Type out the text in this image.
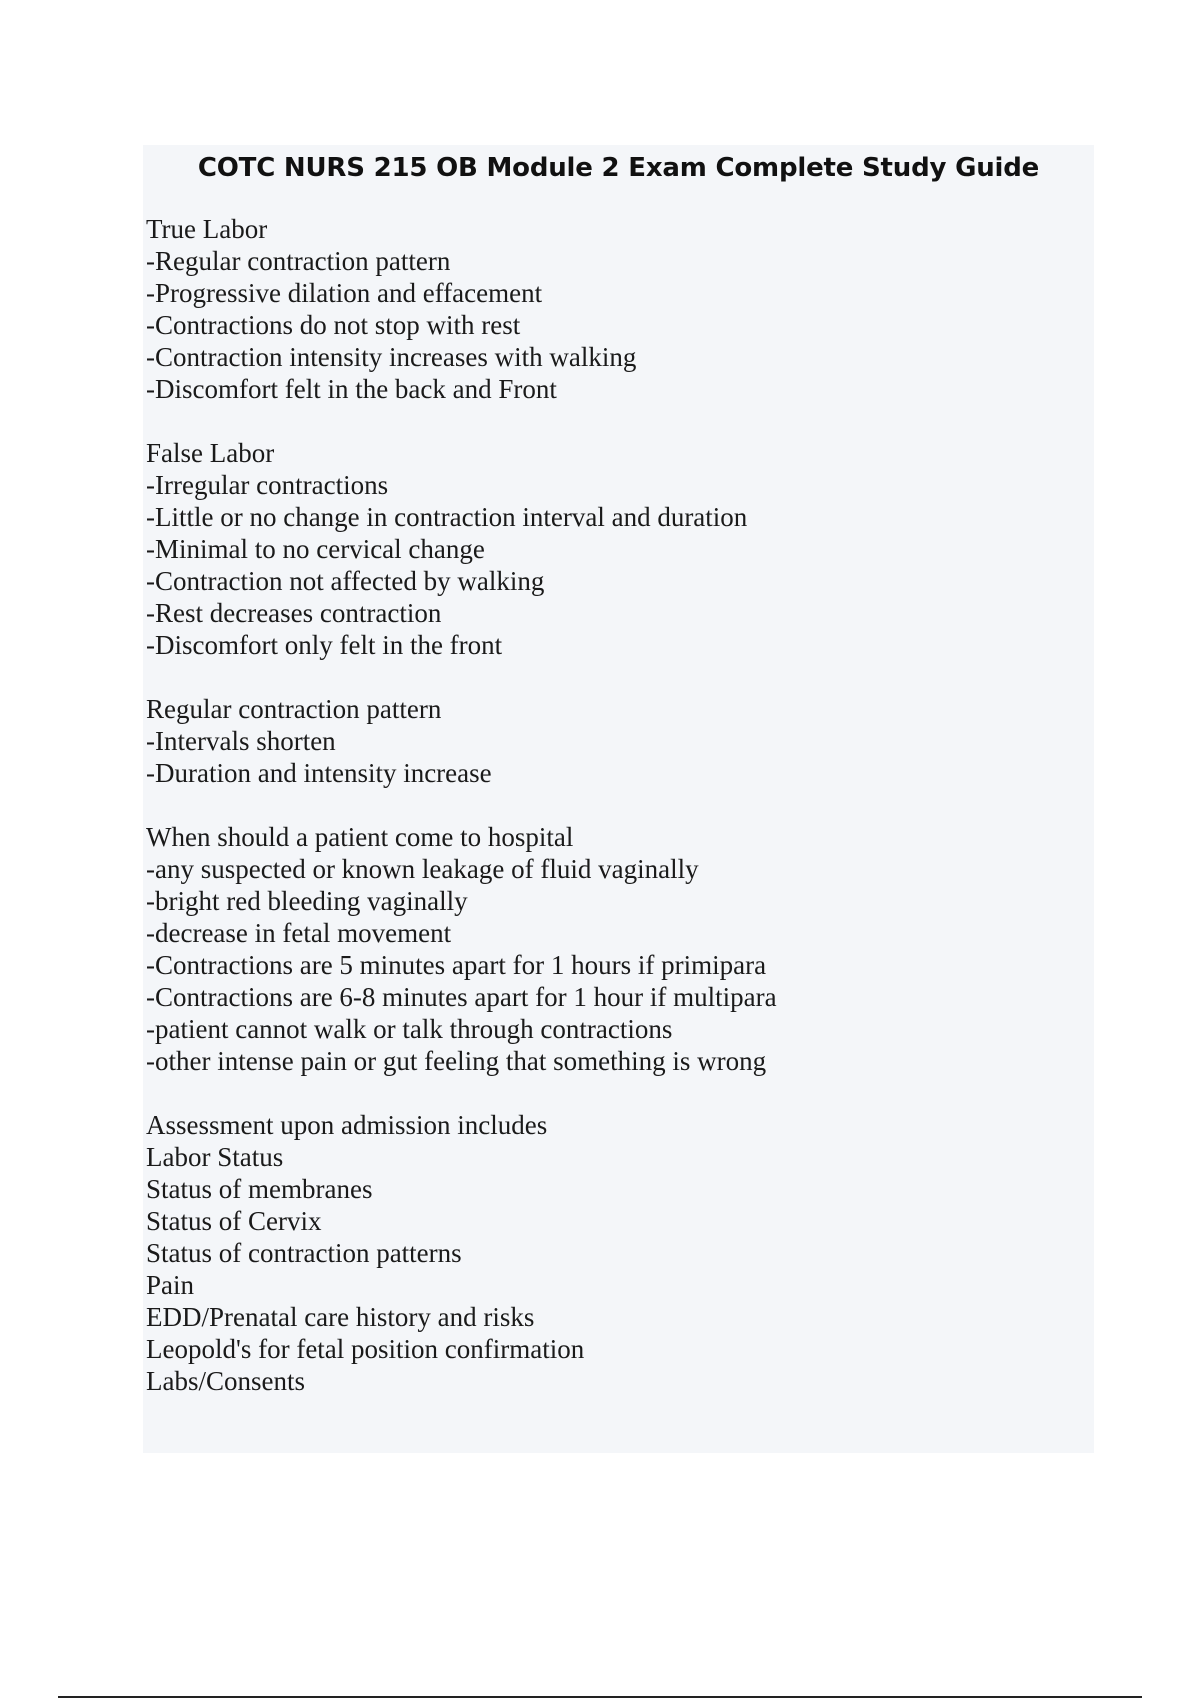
COTC NURS 215 OB Module 2 Exam Complete Study Guide
True Labor
-Regular contraction pattern
-Progressive dilation and effacement
-Contractions do not stop with rest
-Contraction intensity increases with walking
-Discomfort felt in the back and Front
False Labor
-Irregular contractions
-Little or no change in contraction interval and duration
-Minimal to no cervical change
-Contraction not affected by walking
-Rest decreases contraction
-Discomfort only felt in the front
Regular contraction pattern
-Intervals shorten
-Duration and intensity increase
When should a patient come to hospital
-any suspected or known leakage of fluid vaginally
-bright red bleeding vaginally
-decrease in fetal movement
-Contractions are 5 minutes apart for 1 hours if primipara
-Contractions are 6-8 minutes apart for 1 hour if multipara
-patient cannot walk or talk through contractions
-other intense pain or gut feeling that something is wrong
Assessment upon admission includes
Labor Status
Status of membranes
Status of Cervix
Status of contraction patterns
Pain
EDD/Prenatal care history and risks
Leopold's for fetal position confirmation
Labs/Consents
